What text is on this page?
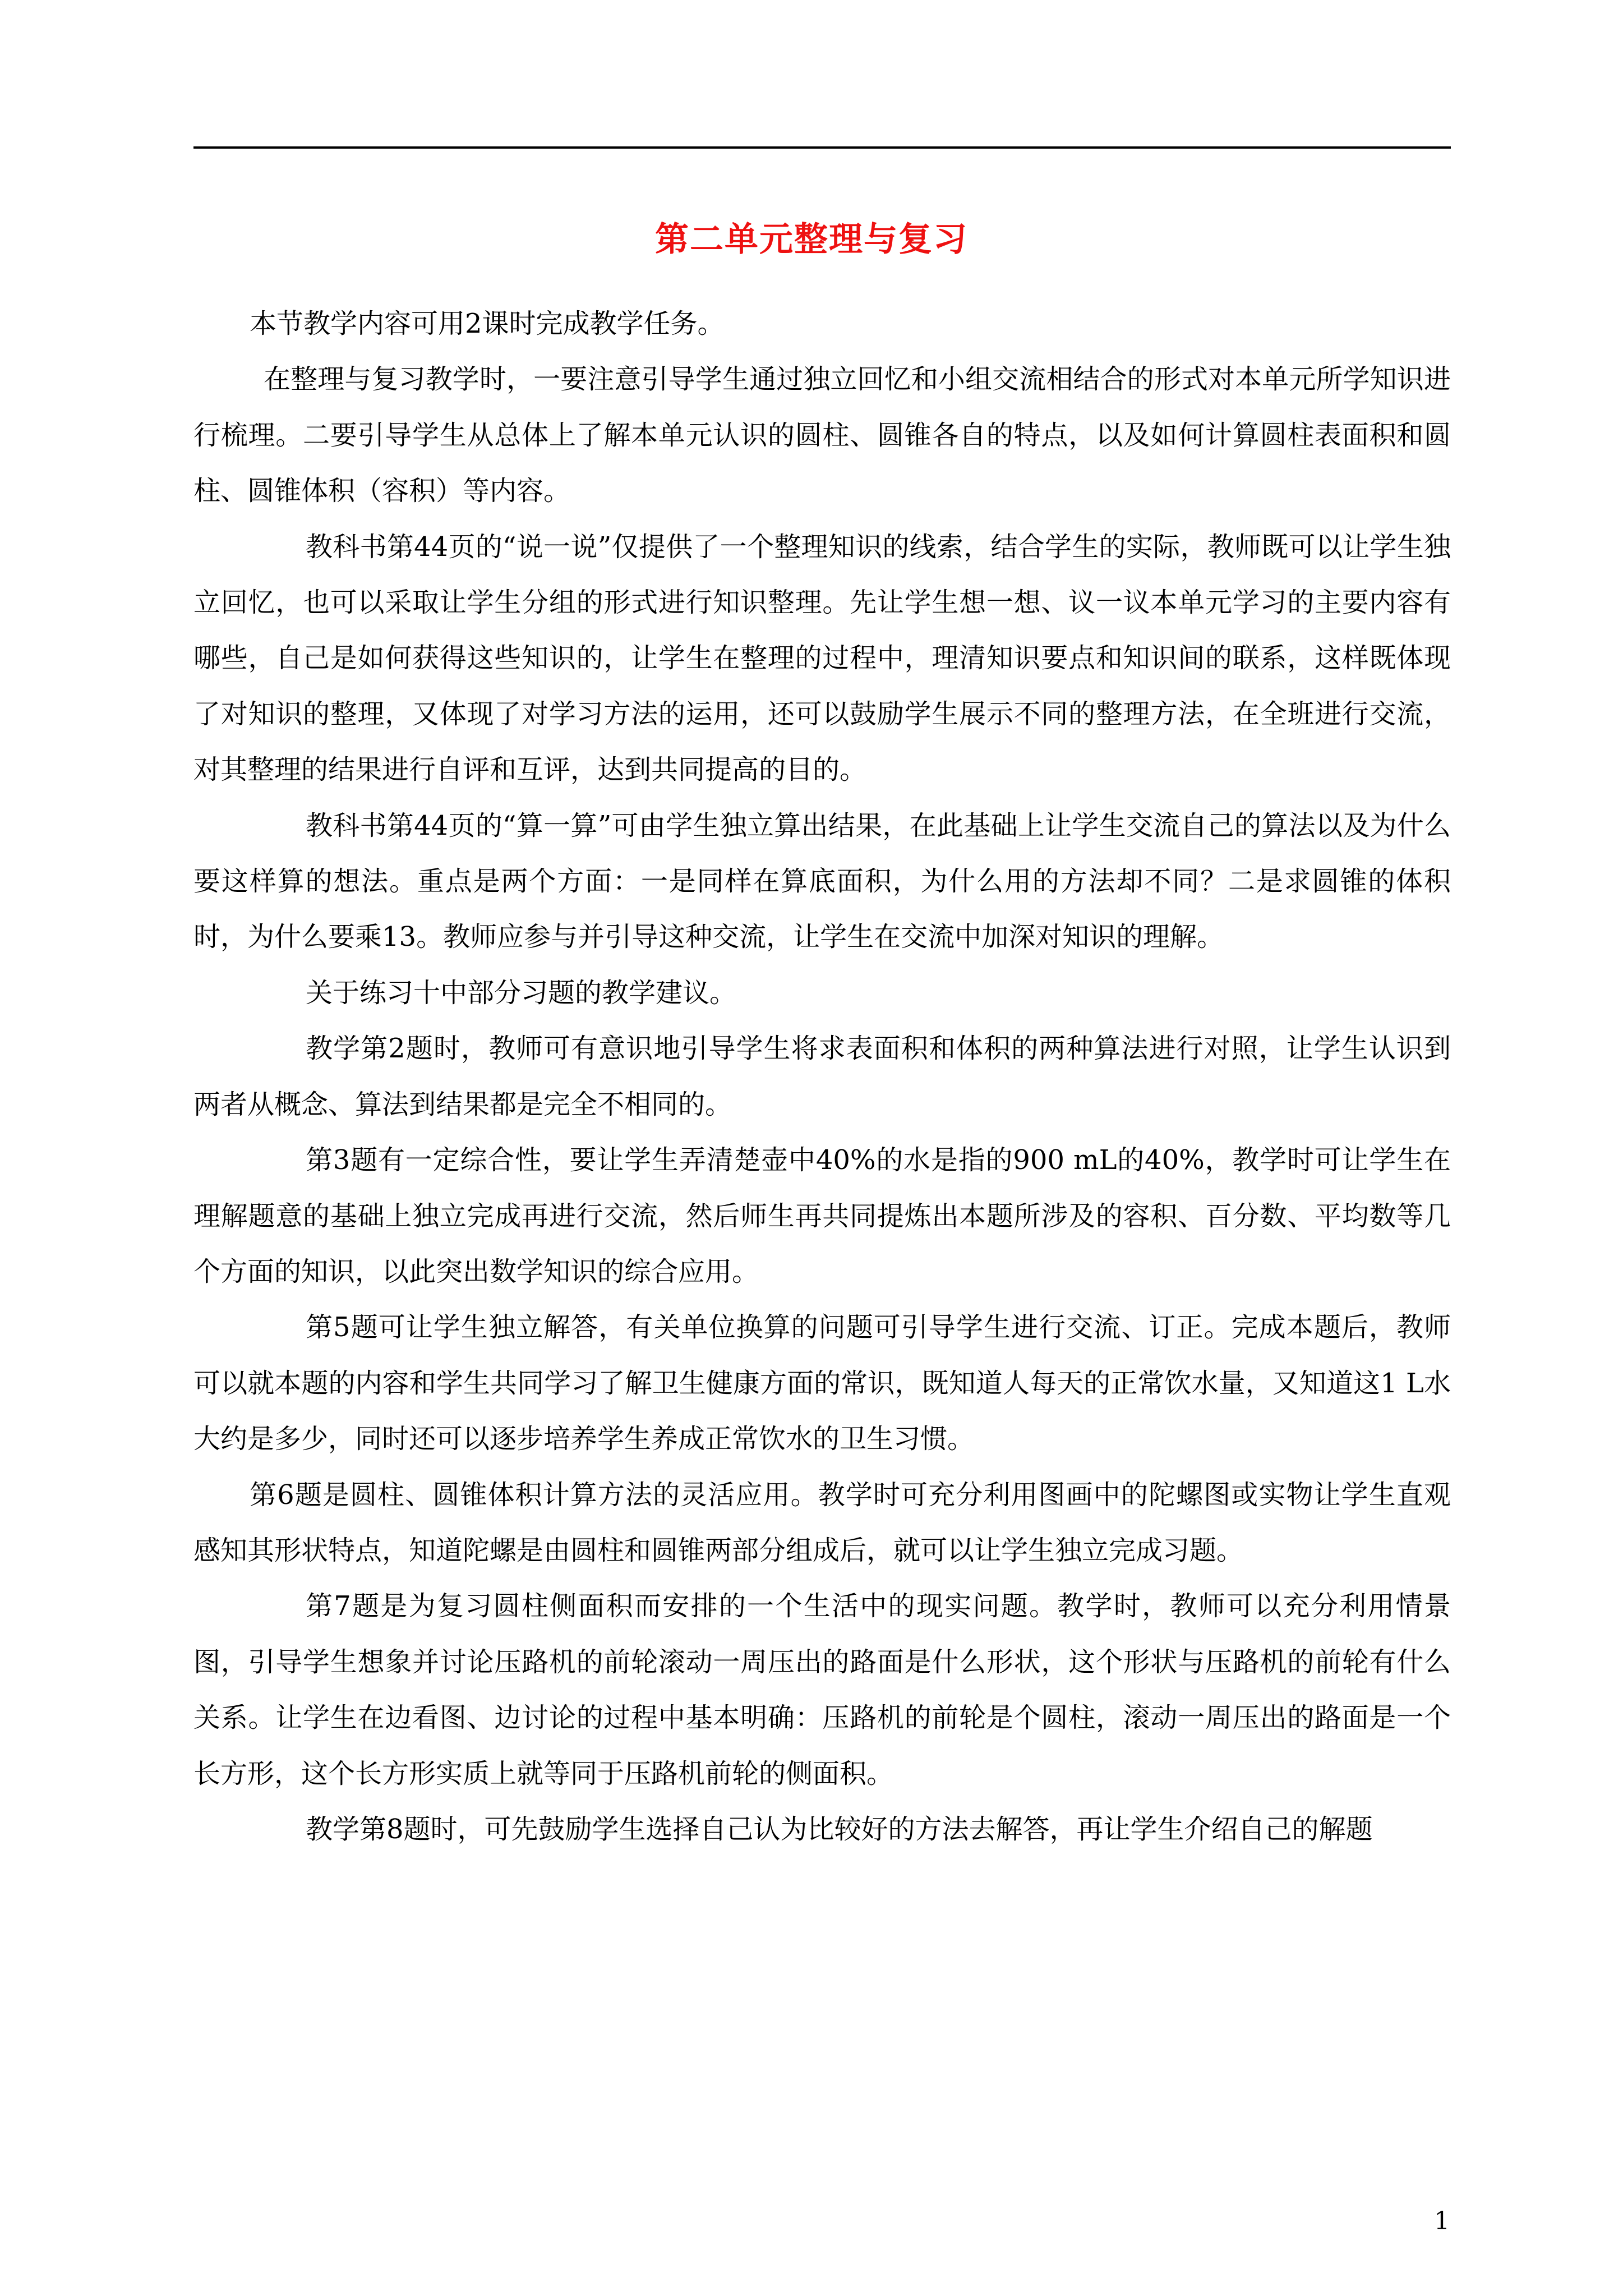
第二单元整理与复习

本节教学内容可用2课时完成教学任务。

在整理与复习教学时，一要注意引导学生通过独立回忆和小组交流相结合的形式对本单元所学知识进行梳理。二要引导学生从总体上了解本单元认识的圆柱、圆锥各自的特点，以及如何计算圆柱表面积和圆柱、圆锥体积（容积）等内容。

教科书第44页的“说一说”仅提供了一个整理知识的线索，结合学生的实际，教师既可以让学生独立回忆，也可以采取让学生分组的形式进行知识整理。先让学生想一想、议一议本单元学习的主要内容有哪些，自己是如何获得这些知识的，让学生在整理的过程中，理清知识要点和知识间的联系，这样既体现了对知识的整理，又体现了对学习方法的运用，还可以鼓励学生展示不同的整理方法，在全班进行交流，对其整理的结果进行自评和互评，达到共同提高的目的。

教科书第44页的“算一算”可由学生独立算出结果，在此基础上让学生交流自己的算法以及为什么要这样算的想法。重点是两个方面：一是同样在算底面积，为什么用的方法却不同？二是求圆锥的体积时，为什么要乘13。教师应参与并引导这种交流，让学生在交流中加深对知识的理解。

关于练习十中部分习题的教学建议。

教学第2题时，教师可有意识地引导学生将求表面积和体积的两种算法进行对照，让学生认识到两者从概念、算法到结果都是完全不相同的。

第3题有一定综合性，要让学生弄清楚壶中40%的水是指的900 mL的40%，教学时可让学生在理解题意的基础上独立完成再进行交流，然后师生再共同提炼出本题所涉及的容积、百分数、平均数等几个方面的知识，以此突出数学知识的综合应用。

第5题可让学生独立解答，有关单位换算的问题可引导学生进行交流、订正。完成本题后，教师可以就本题的内容和学生共同学习了解卫生健康方面的常识，既知道人每天的正常饮水量，又知道这1 L水大约是多少，同时还可以逐步培养学生养成正常饮水的卫生习惯。

第6题是圆柱、圆锥体积计算方法的灵活应用。教学时可充分利用图画中的陀螺图或实物让学生直观感知其形状特点，知道陀螺是由圆柱和圆锥两部分组成后，就可以让学生独立完成习题。

第7题是为复习圆柱侧面积而安排的一个生活中的现实问题。教学时，教师可以充分利用情景图，引导学生想象并讨论压路机的前轮滚动一周压出的路面是什么形状，这个形状与压路机的前轮有什么关系。让学生在边看图、边讨论的过程中基本明确：压路机的前轮是个圆柱，滚动一周压出的路面是一个长方形，这个长方形实质上就等同于压路机前轮的侧面积。

教学第8题时，可先鼓励学生选择自己认为比较好的方法去解答，再让学生介绍自己的解题

1
